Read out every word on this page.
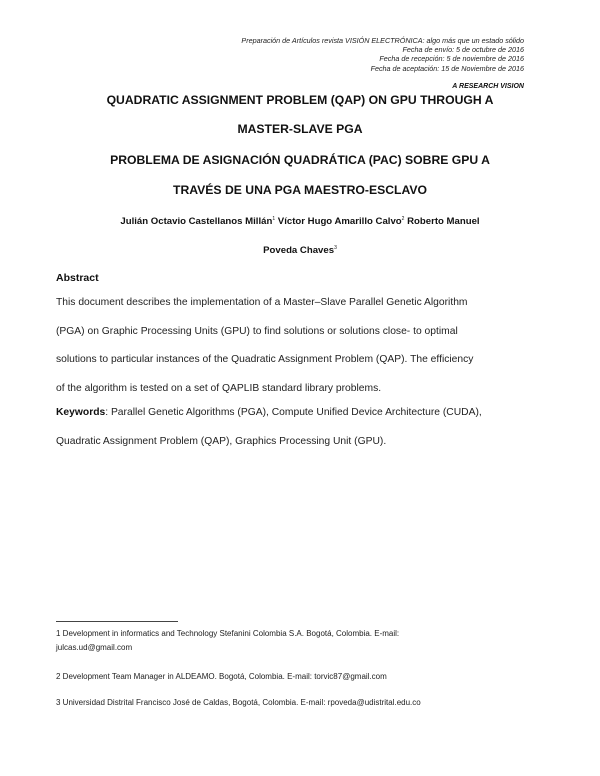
Preparación de Artículos revista VISIÓN ELECTRÓNICA: algo más que un estado sólido
Fecha de envío: 5 de octubre de 2016
Fecha de recepción: 5 de noviembre de 2016
Fecha de aceptación: 15 de Noviembre de 2016
A RESEARCH VISION
QUADRATIC ASSIGNMENT PROBLEM (QAP) ON GPU THROUGH A
MASTER-SLAVE PGA
PROBLEMA DE ASIGNACIÓN QUADRÁTICA (PAC) SOBRE GPU A
TRAVÉS DE UNA PGA MAESTRO-ESCLAVO
Julián Octavio Castellanos Millán$^1$ Víctor Hugo Amarillo Calvo$^2$ Roberto Manuel
Poveda Chaves$^3$
Abstract
This document describes the implementation of a Master–Slave Parallel Genetic Algorithm
(PGA) on Graphic Processing Units (GPU) to find solutions or solutions close- to optimal
solutions to particular instances of the Quadratic Assignment Problem (QAP). The efficiency
of the algorithm is tested on a set of QAPLIB standard library problems.
Keywords: Parallel Genetic Algorithms (PGA), Compute Unified Device Architecture (CUDA),
Quadratic Assignment Problem (QAP), Graphics Processing Unit (GPU).
1 Development in informatics and Technology Stefanini Colombia S.A. Bogotá, Colombia. E-mail:
julcas.ud@gmail.com
2 Development Team Manager in ALDEAMO. Bogotá, Colombia. E-mail: torvic87@gmail.com
3 Universidad Distrital Francisco José de Caldas, Bogotá, Colombia. E-mail: rpoveda@udistrital.edu.co
